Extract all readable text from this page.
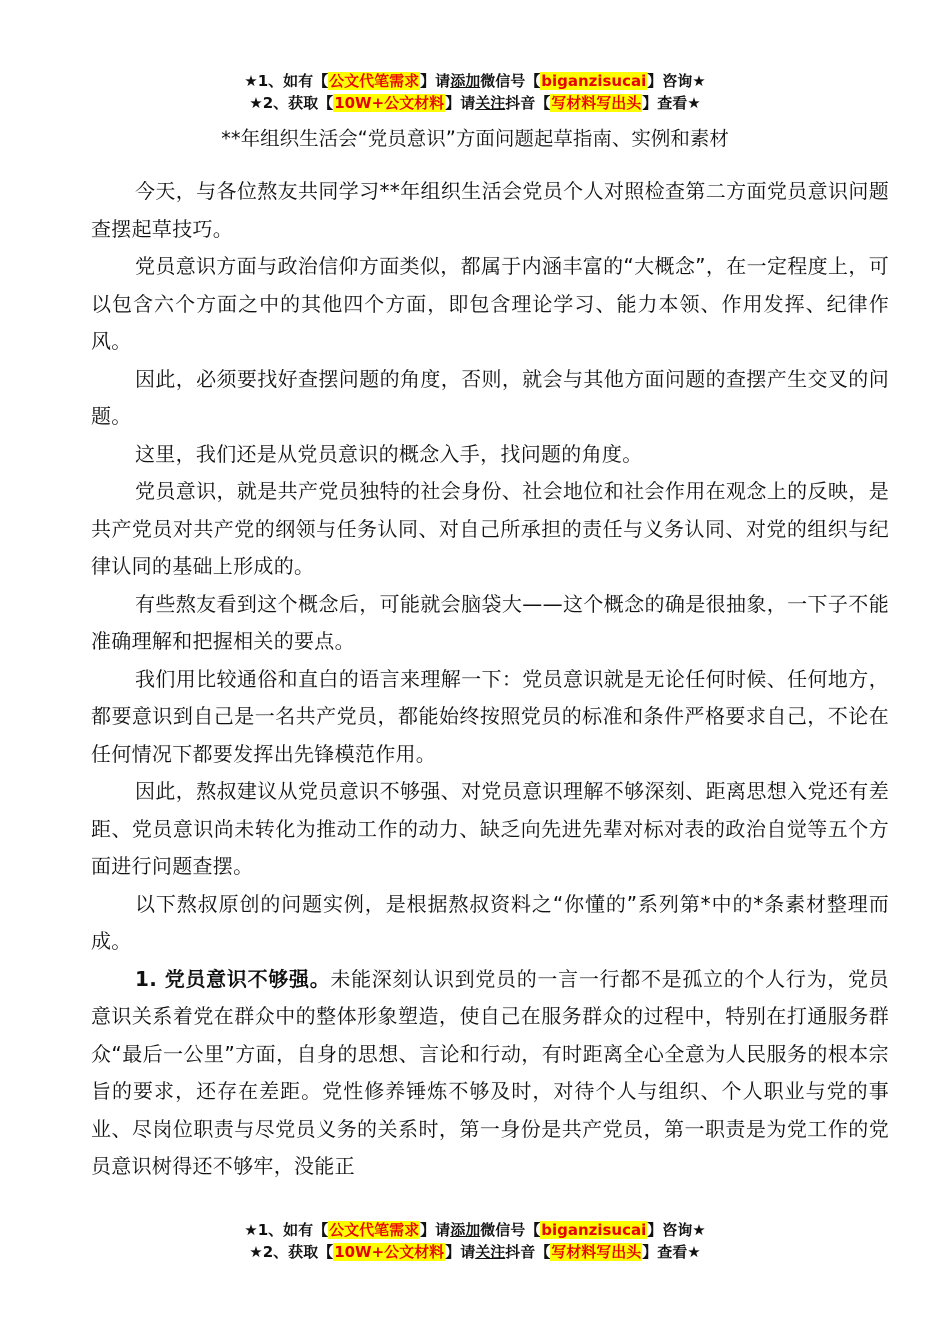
★1、如有【公文代笔需求】请添加微信号【biganzisucai】咨询★
★2、获取【10W+公文材料】请关注抖音【写材料写出头】查看★
**年组织生活会“党员意识”方面问题起草指南、实例和素材

今天，与各位熬友共同学习**年组织生活会党员个人对照检查第二方面党员意识问题查摆起草技巧。

党员意识方面与政治信仰方面类似，都属于内涵丰富的“大概念”，在一定程度上，可以包含六个方面之中的其他四个方面，即包含理论学习、能力本领、作用发挥、纪律作风。

因此，必须要找好查摆问题的角度，否则，就会与其他方面问题的查摆产生交叉的问题。

这里，我们还是从党员意识的概念入手，找问题的角度。

党员意识，就是共产党员独特的社会身份、社会地位和社会作用在观念上的反映，是共产党员对共产党的纲领与任务认同、对自己所承担的责任与义务认同、对党的组织与纪律认同的基础上形成的。

有些熬友看到这个概念后，可能就会脑袋大——这个概念的确是很抽象，一下子不能准确理解和把握相关的要点。

我们用比较通俗和直白的语言来理解一下：党员意识就是无论任何时候、任何地方，都要意识到自己是一名共产党员，都能始终按照党员的标准和条件严格要求自己，不论在任何情况下都要发挥出先锋模范作用。

因此，熬叔建议从党员意识不够强、对党员意识理解不够深刻、距离思想入党还有差距、党员意识尚未转化为推动工作的动力、缺乏向先进先辈对标对表的政治自觉等五个方面进行问题查摆。

以下熬叔原创的问题实例，是根据熬叔资料之“你懂的”系列第*中的*条素材整理而成。

1. 党员意识不够强。未能深刻认识到党员的一言一行都不是孤立的个人行为，党员意识关系着党在群众中的整体形象塑造，使自己在服务群众的过程中，特别在打通服务群众“最后一公里”方面，自身的思想、言论和行动，有时距离全心全意为人民服务的根本宗旨的要求，还存在差距。党性修养锤炼不够及时，对待个人与组织、个人职业与党的事业、尽岗位职责与尽党员义务的关系时，第一身份是共产党员，第一职责是为党工作的党员意识树得还不够牢，没能正

★1、如有【公文代笔需求】请添加微信号【biganzisucai】咨询★
★2、获取【10W+公文材料】请关注抖音【写材料写出头】查看★
